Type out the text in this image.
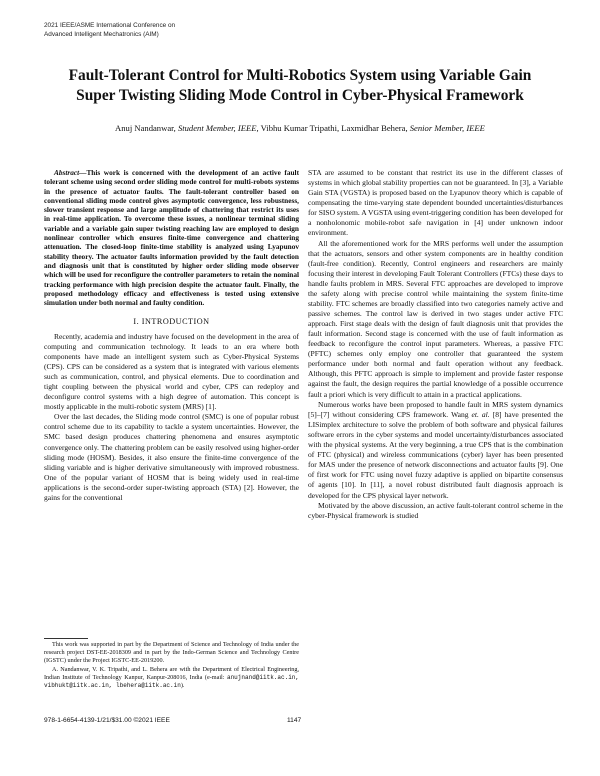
2021 IEEE/ASME International Conference on
Advanced Intelligent Mechatronics (AIM)
Fault-Tolerant Control for Multi-Robotics System using Variable Gain
Super Twisting Sliding Mode Control in Cyber-Physical Framework
Anuj Nandanwar, Student Member, IEEE, Vibhu Kumar Tripathi, Laxmidhar Behera, Senior Member, IEEE

Abstract—This work is concerned with the development of an active fault tolerant scheme using second order sliding mode control for multi-robots systems in the presence of actuator faults. The fault-tolerant controller based on conventional sliding mode control gives asymptotic convergence, less robustness, slower transient response and large amplitude of chattering that restrict its uses in real-time application. To overcome these issues, a nonlinear terminal sliding variable and a variable gain super twisting reaching law are employed to design nonlinear controller which ensures finite-time convergence and chattering attenuation. The closed-loop finite-time stability is analyzed using Lyapunov stability theory. The actuator faults information provided by the fault detection and diagnosis unit that is constituted by higher order sliding mode observer which will be used for reconfigure the controller parameters to retain the nominal tracking performance with high precision despite the actuator fault. Finally, the proposed methodology efficacy and effectiveness is tested using extensive simulation under both normal and faulty condition.

I. INTRODUCTION

Recently, academia and industry have focused on the development in the area of computing and communication technology. It leads to an era where both components have made an intelligent system such as Cyber-Physical Systems (CPS). CPS can be considered as a system that is integrated with various elements such as communication, control, and physical elements. Due to coordination and tight coupling between the physical world and cyber, CPS can redeploy and deconfigure control systems with a high degree of automation. This concept is mostly applicable in the multi-robotic system (MRS) [1].

Over the last decades, the Sliding mode control (SMC) is one of popular robust control scheme due to its capability to tackle a system uncertainties. However, the SMC based design produces chattering phenomena and ensures asymptotic convergence only. The chattering problem can be easily resolved using higher-order sliding mode (HOSM). Besides, it also ensure the finite-time convergence of the sliding variable and is higher derivative simultaneously with improved robustness. One of the popular variant of HOSM that is being widely used in real-time applications is the second-order super-twisting approach (STA) [2]. However, the gains for the conventional

This work was supported in part by the Department of Science and Technology of India under the research project DST-EE-2018309 and in part by the Indo-German Science and Technology Centre (IGSTC) under the Project IGSTC-EE-2019200.

A. Nandanwar, V. K. Tripathi, and L. Behera are with the Department of Electrical Engineering, Indian Institute of Technology Kanpur, Kanpur-208016, India (e-mail: anujnand@iitk.ac.in, vibhukt@iitk.ac.in, lbehera@iitk.ac.in).

STA are assumed to be constant that restrict its use in the different classes of systems in which global stability properties can not be guaranteed. In [3], a Variable Gain STA (VGSTA) is proposed based on the Lyapunov theory which is capable of compensating the time-varying state dependent bounded uncertainties/disturbances for SISO system. A VGSTA using event-triggering condition has been developed for a nonholonomic mobile-robot safe navigation in [4] under unknown indoor environment.

All the aforementioned work for the MRS performs well under the assumption that the actuators, sensors and other system components are in healthy condition (fault-free condition). Recently, Control engineers and researchers are mainly focusing their interest in developing Fault Tolerant Controllers (FTCs) these days to handle faults problem in MRS. Several FTC approaches are developed to improve the safety along with precise control while maintaining the system finite-time stability. FTC schemes are broadly classified into two categories namely active and passive schemes. The control law is derived in two stages under active FTC approach. First stage deals with the design of fault diagnosis unit that provides the fault information. Second stage is concerned with the use of fault information as feedback to reconfigure the control input parameters. Whereas, a passive FTC (PFTC) schemes only employ one controller that guaranteed the system performance under both normal and fault operation without any feedback. Although, this PFTC approach is simple to implement and provide faster response against the fault, the design requires the partial knowledge of a possible occurrence fault a priori which is very difficult to attain in a practical applications.

Numerous works have been proposed to handle fault in MRS system dynamics [5]–[7] without considering CPS framework. Wang et. al. [8] have presented the LISimplex architecture to solve the problem of both software and physical failures software errors in the cyber systems and model uncertainty/disturbances associated with the physical systems. At the very beginning, a true CPS that is the combination of FTC (physical) and wireless communications (cyber) layer has been presented for MAS under the presence of network disconnections and actuator faults [9]. One of first work for FTC using novel fuzzy adaptive is applied on bipartite consensus of agents [10]. In [11], a novel robust distributed fault diagnosis approach is developed for the CPS physical layer network.

Motivated by the above discussion, an active fault-tolerant control scheme in the cyber-Physical framework is studied

978-1-6654-4139-1/21/$31.00 ©2021 IEEE	1147
